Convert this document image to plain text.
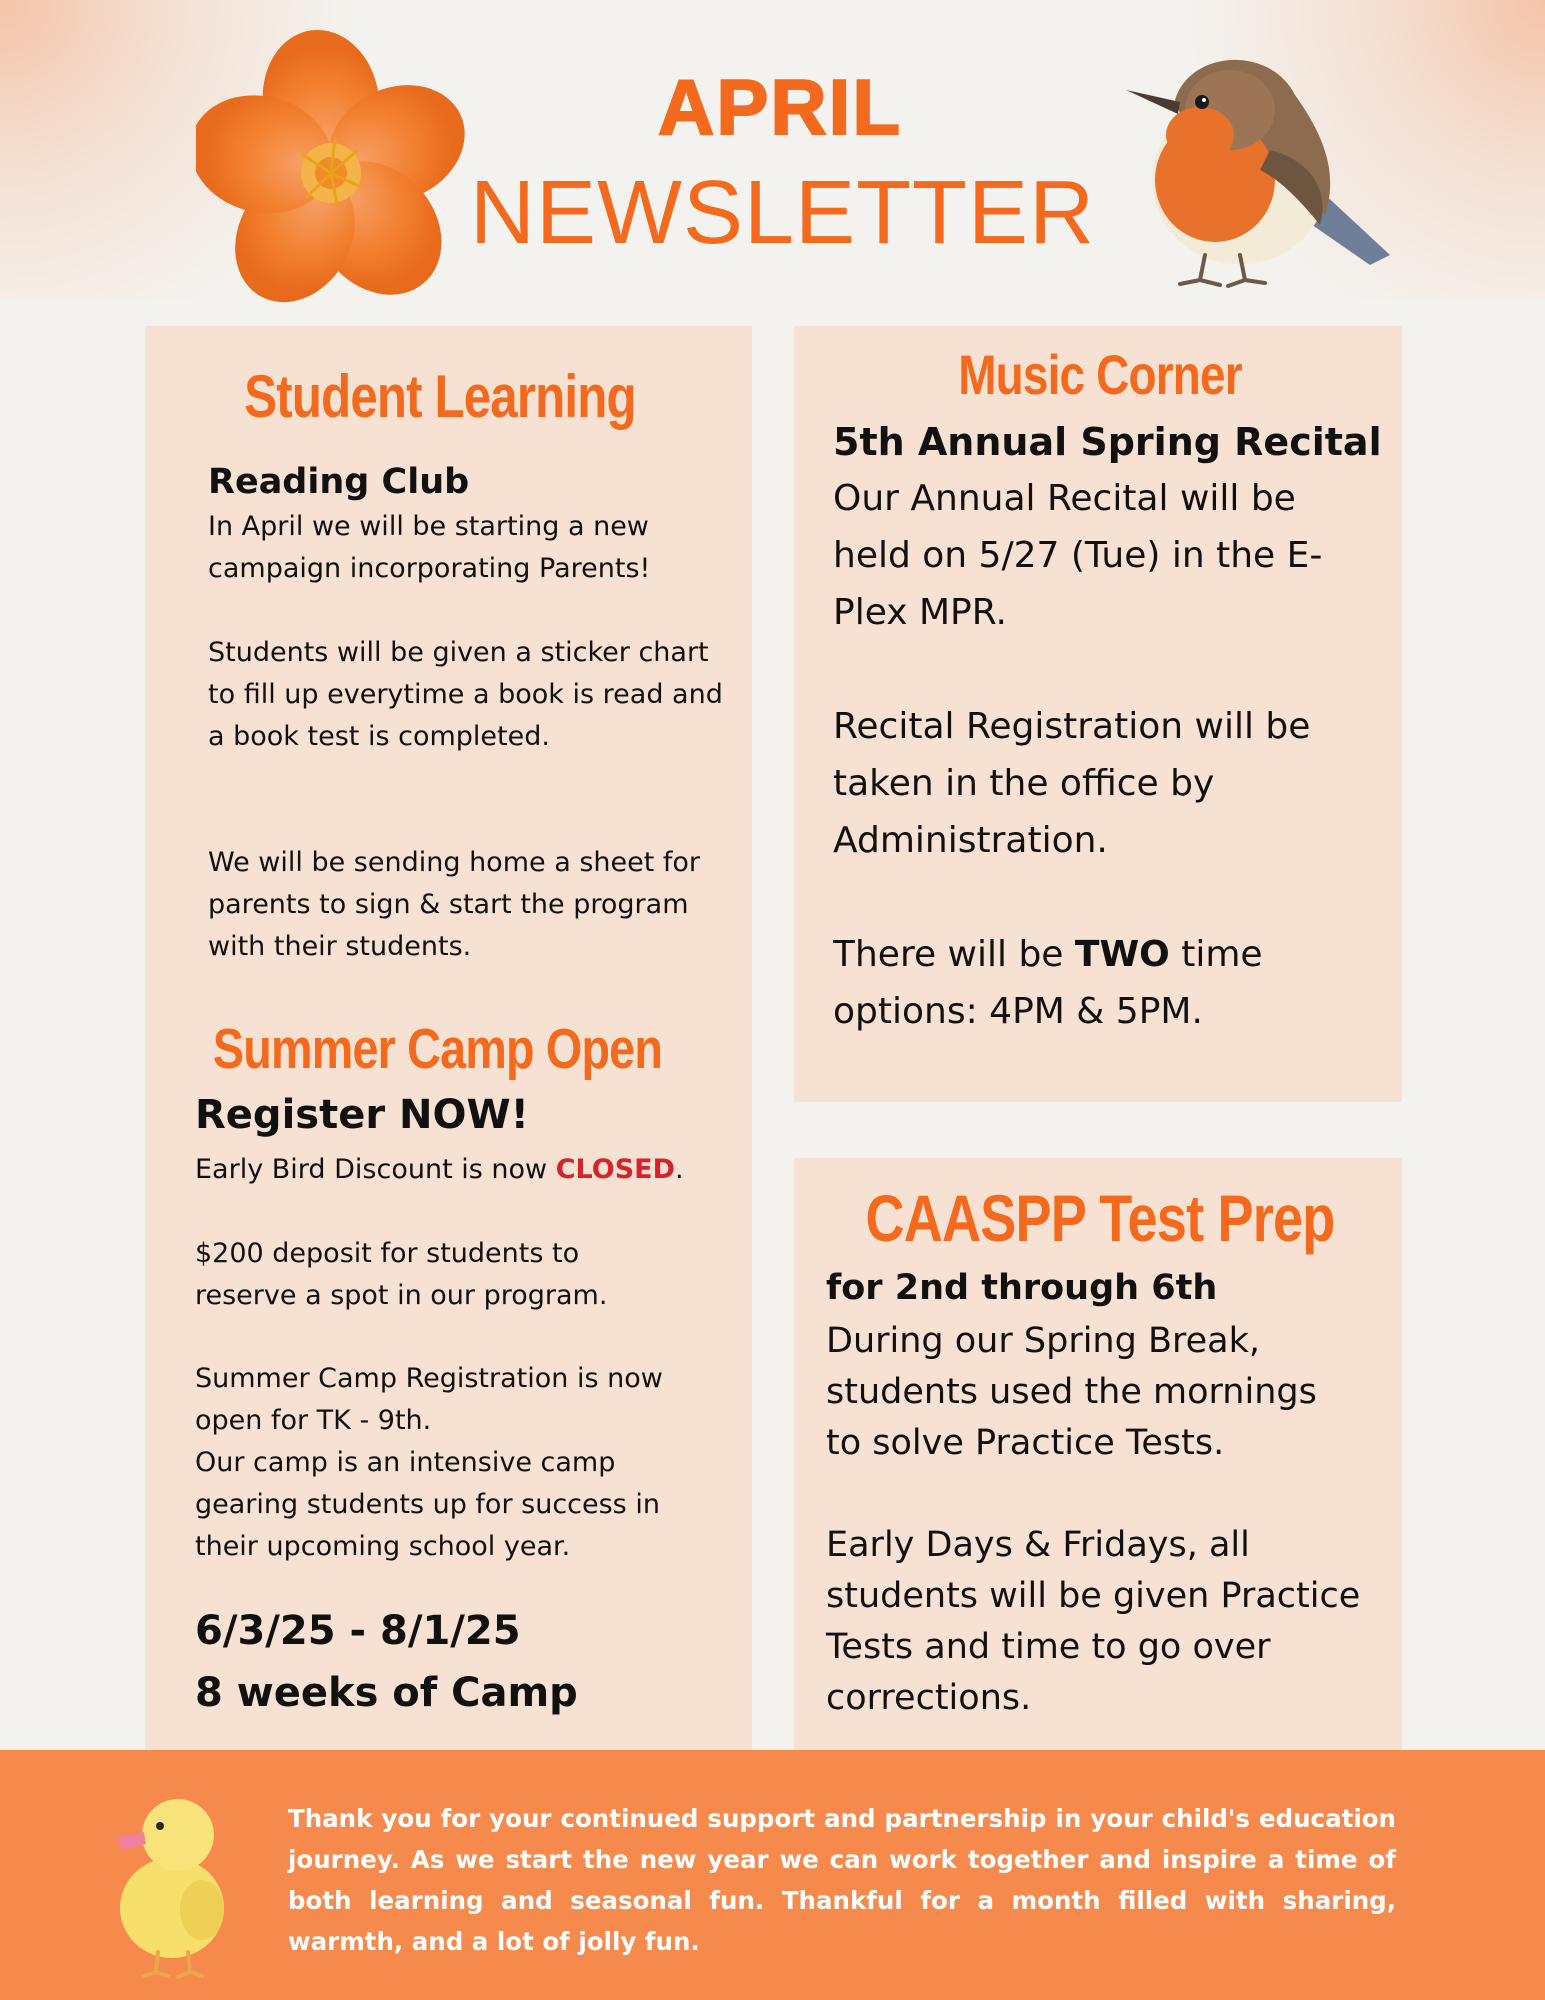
APRIL
NEWSLETTER
Student Learning
Reading Club
In April we will be starting a new campaign incorporating Parents!
Students will be given a sticker chart to fill up everytime a book is read and a book test is completed.
We will be sending home a sheet for parents to sign & start the program with their students.
Summer Camp Open
Register NOW!
Early Bird Discount is now CLOSED.
$200 deposit for students to reserve a spot in our program.
Summer Camp Registration is now open for TK - 9th.
Our camp is an intensive camp gearing students up for success in their upcoming school year.
6/3/25 - 8/1/25
8 weeks of Camp
Music Corner
5th Annual Spring Recital
Our Annual Recital will be held on 5/27 (Tue) in the E-Plex MPR.
Recital Registration will be taken in the office by Administration.
There will be TWO time options: 4PM & 5PM.
CAASPP Test Prep
for 2nd through 6th
During our Spring Break, students used the mornings to solve Practice Tests.
Early Days & Fridays, all students will be given Practice Tests and time to go over corrections.
Thank you for your continued support and partnership in your child's education journey. As we start the new year we can work together and inspire a time of both learning and seasonal fun. Thankful for a month filled with sharing, warmth, and a lot of jolly fun.
